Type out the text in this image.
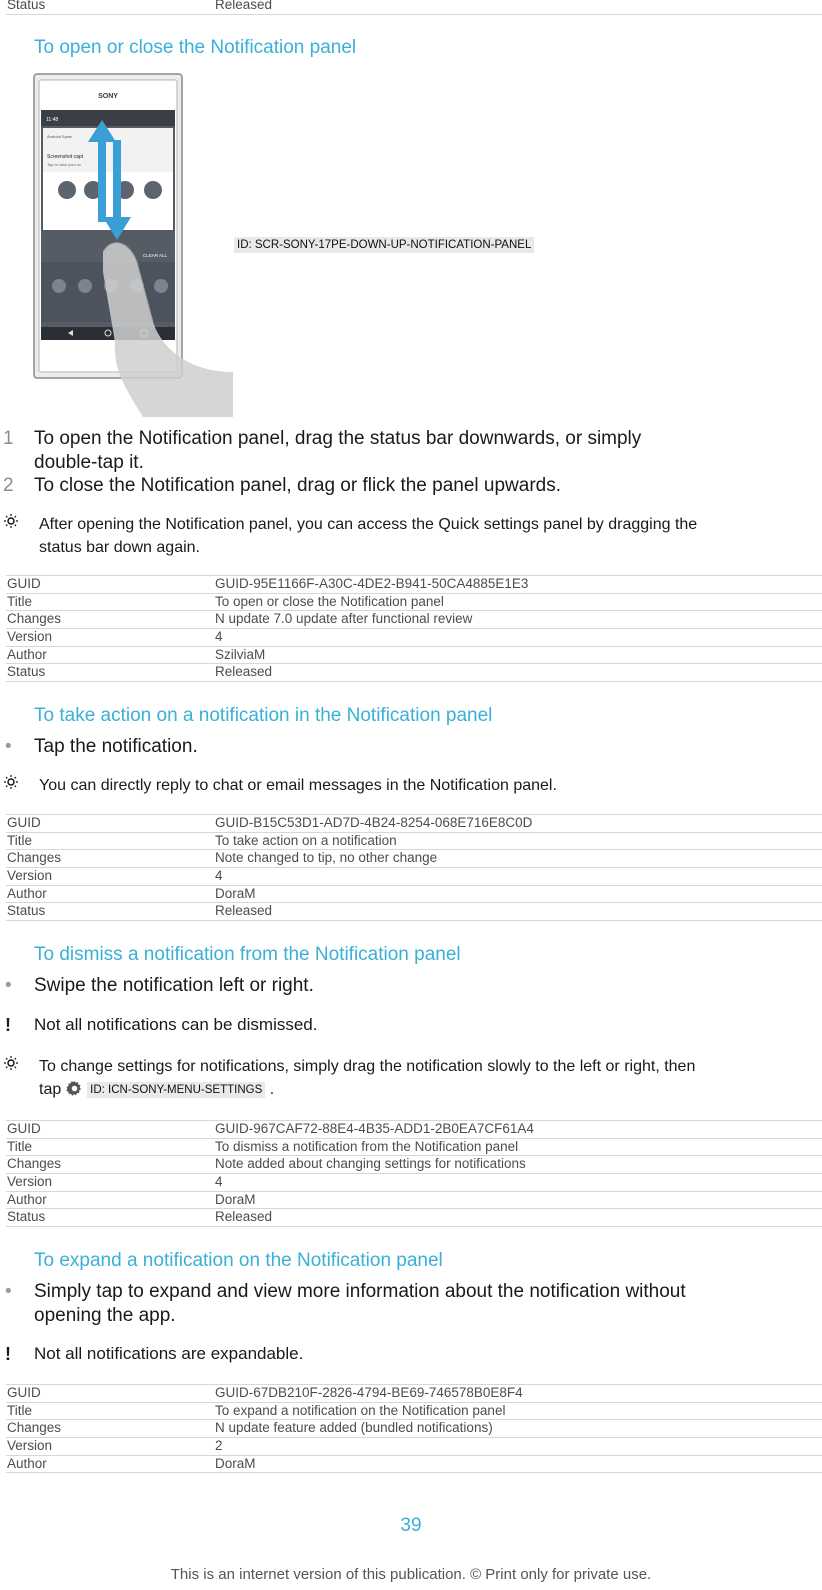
Status	Released
To open or close the Notification panel
SONY
11:48
Android Syste
Screenshot capt
Tap to view your sc
SHARE	DELETE
CLEAR ALL
ID: SCR-SONY-17PE-DOWN-UP-NOTIFICATION-PANEL
1 To open the Notification panel, drag the status bar downwards, or simply
double-tap it.
2 To close the Notification panel, drag or flick the panel upwards.
After opening the Notification panel, you can access the Quick settings panel by dragging the
status bar down again.
GUID	GUID-95E1166F-A30C-4DE2-B941-50CA4885E1E3
Title	To open or close the Notification panel
Changes	N update 7.0 update after functional review
Version	4
Author	SzilviaM
Status	Released
To take action on a notification in the Notification panel
• Tap the notification.
You can directly reply to chat or email messages in the Notification panel.
GUID	GUID-B15C53D1-AD7D-4B24-8254-068E716E8C0D
Title	To take action on a notification
Changes	Note changed to tip, no other change
Version	4
Author	DoraM
Status	Released
To dismiss a notification from the Notification panel
• Swipe the notification left or right.
! Not all notifications can be dismissed.
To change settings for notifications, simply drag the notification slowly to the left or right, then
tap	ID: ICN-SONY-MENU-SETTINGS .
GUID	GUID-967CAF72-88E4-4B35-ADD1-2B0EA7CF61A4
Title	To dismiss a notification from the Notification panel
Changes	Note added about changing settings for notifications
Version	4
Author	DoraM
Status	Released
To expand a notification on the Notification panel
• Simply tap to expand and view more information about the notification without
opening the app.
! Not all notifications are expandable.
GUID	GUID-67DB210F-2826-4794-BE69-746578B0E8F4
Title	To expand a notification on the Notification panel
Changes	N update feature added (bundled notifications)
Version	2
Author	DoraM
39
This is an internet version of this publication. © Print only for private use.
